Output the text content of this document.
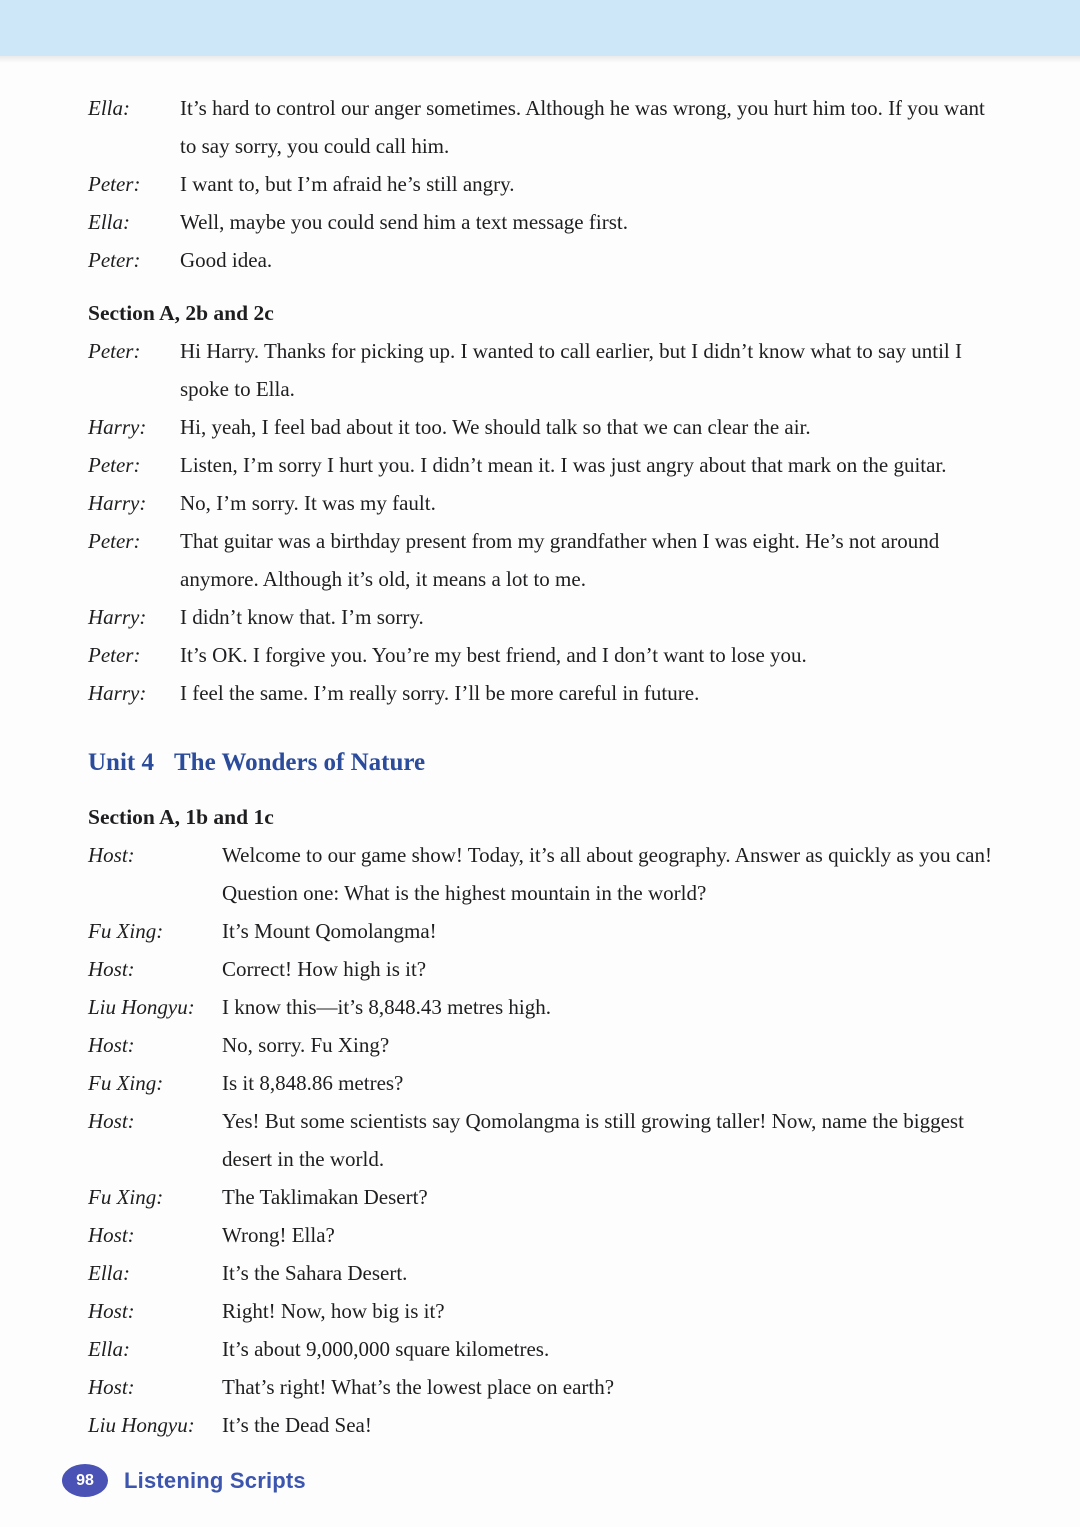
Ella:	It’s hard to control our anger sometimes. Although he was wrong, you hurt him too. If you want to say sorry, you could call him.
Peter:	I want to, but I’m afraid he’s still angry.
Ella:	Well, maybe you could send him a text message first.
Peter:	Good idea.
Section A, 2b and 2c
Peter:	Hi Harry. Thanks for picking up. I wanted to call earlier, but I didn’t know what to say until I spoke to Ella.
Harry:	Hi, yeah, I feel bad about it too. We should talk so that we can clear the air.
Peter:	Listen, I’m sorry I hurt you. I didn’t mean it. I was just angry about that mark on the guitar.
Harry:	No, I’m sorry. It was my fault.
Peter:	That guitar was a birthday present from my grandfather when I was eight. He’s not around anymore. Although it’s old, it means a lot to me.
Harry:	I didn’t know that. I’m sorry.
Peter:	It’s OK. I forgive you. You’re my best friend, and I don’t want to lose you.
Harry:	I feel the same. I’m really sorry. I’ll be more careful in future.
Unit 4 The Wonders of Nature
Section A, 1b and 1c
Host:	Welcome to our game show! Today, it’s all about geography. Answer as quickly as you can! Question one: What is the highest mountain in the world?
Fu Xing:	It’s Mount Qomolangma!
Host:	Correct! How high is it?
Liu Hongyu:	I know this—it’s 8,848.43 metres high.
Host:	No, sorry. Fu Xing?
Fu Xing:	Is it 8,848.86 metres?
Host:	Yes! But some scientists say Qomolangma is still growing taller! Now, name the biggest desert in the world.
Fu Xing:	The Taklimakan Desert?
Host:	Wrong! Ella?
Ella:	It’s the Sahara Desert.
Host:	Right! Now, how big is it?
Ella:	It’s about 9,000,000 square kilometres.
Host:	That’s right! What’s the lowest place on earth?
Liu Hongyu:	It’s the Dead Sea!
98	Listening Scripts
